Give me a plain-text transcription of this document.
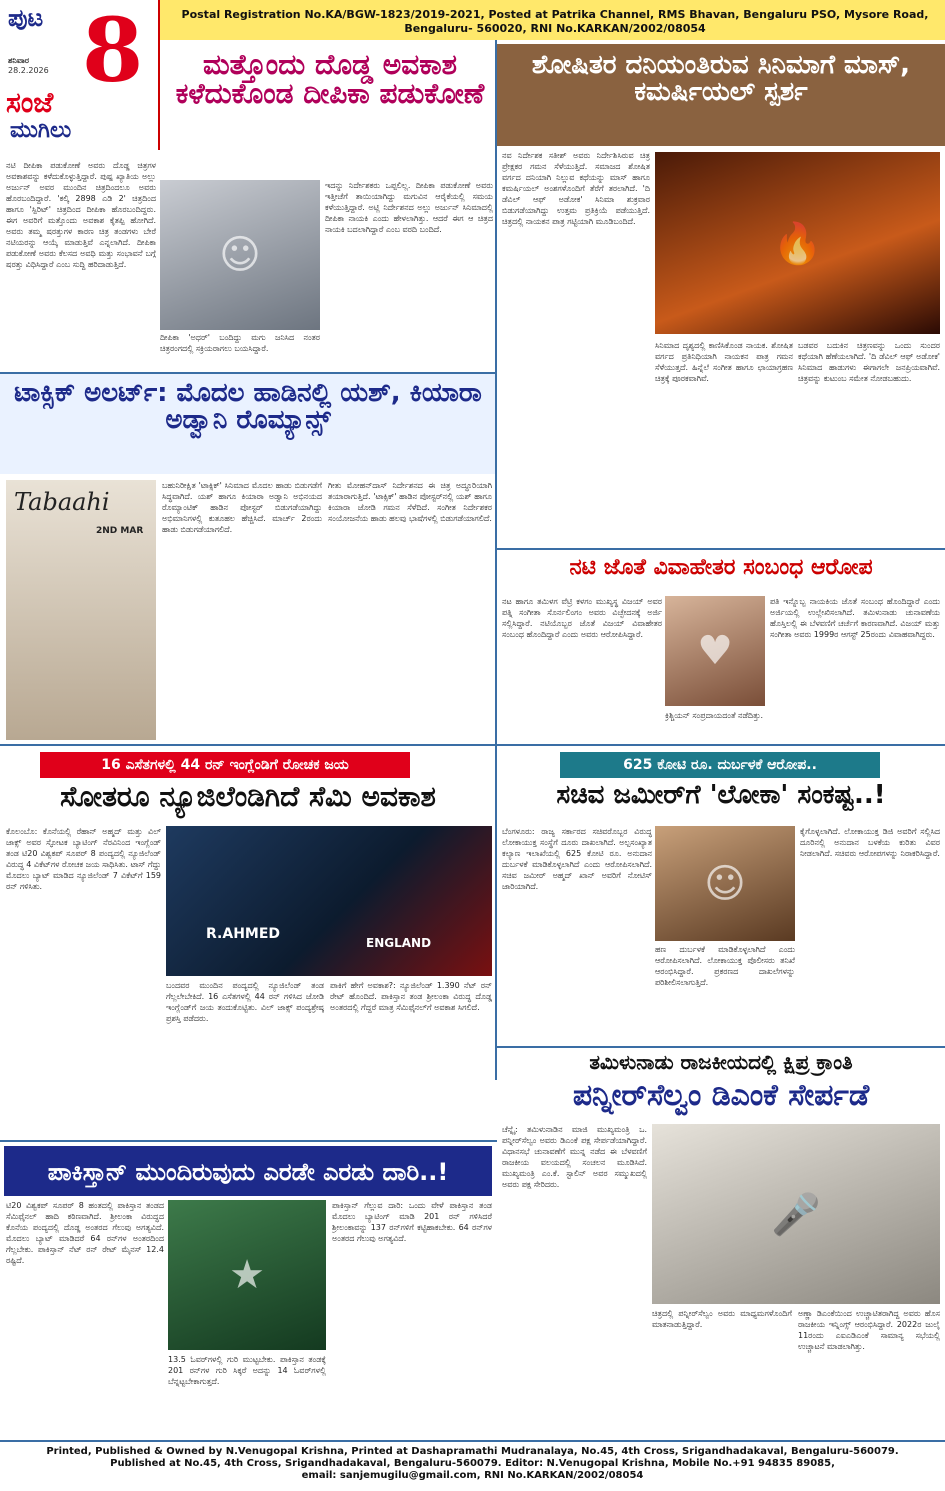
ಪುಟ 8
ಶನಿವಾರ
28.2.2026
ಸಂಜೆ
ಮುಗಿಲು
Postal Registration No.KA/BGW-1823/2019-2021, Posted at Patrika Channel, RMS Bhavan, Bengaluru PSO, Mysore Road, Bengaluru- 560020, RNI No.KARKAN/2002/08054
ಮತ್ತೊಂದು ದೊಡ್ಡ ಅವಕಾಶ ಕಳೆದುಕೊಂಡ ದೀಪಿಕಾ ಪಡುಕೋಣೆ
ನಟಿ ದೀಪಿಕಾ ಪಡುಕೋಣೆ ಅವರು ದೊಡ್ಡ ಚಿತ್ರಗಳ ಅವಕಾಶವನ್ನು ಕಳೆದುಕೊಳ್ಳುತ್ತಿದ್ದಾರೆ. ಪುಷ್ಪ ಖ್ಯಾತಿಯ ಅಲ್ಲು ಅರ್ಜುನ್ ಅವರ ಮುಂದಿನ ಚಿತ್ರದಿಂದಲೂ ಅವರು ಹೊರಬಂದಿದ್ದಾರೆ. 'ಕಲ್ಕಿ 2898 ಎಡಿ 2' ಚಿತ್ರದಿಂದ ಹಾಗೂ 'ಸ್ಪಿರಿಟ್' ಚಿತ್ರದಿಂದ ದೀಪಿಕಾ ಹೊರಬಂದಿದ್ದರು. ಈಗ ಅವರಿಗೆ ಮತ್ತೊಂದು ಅವಕಾಶ ಕೈತಪ್ಪಿ ಹೋಗಿದೆ. ಅವರು ತಮ್ಮ ಷರತ್ತುಗಳ ಕಾರಣ ಚಿತ್ರ ತಂಡಗಳು ಬೇರೆ ನಟಿಯರನ್ನು ಆಯ್ಕೆ ಮಾಡುತ್ತಿವೆ ಎನ್ನಲಾಗಿದೆ. ದೀಪಿಕಾ ಪಡುಕೋಣೆ ಅವರು ಕೆಲಸದ ಅವಧಿ ಮತ್ತು ಸಂಭಾವನೆ ಬಗ್ಗೆ ಷರತ್ತು ವಿಧಿಸಿದ್ದಾರೆ ಎಂಬ ಸುದ್ದಿ ಹರಿದಾಡುತ್ತಿದೆ.	☺
ದೀಪಿಕಾ 'ಅಧರ್' ಬಂದಿದ್ದು ಮಗು ಜನಿಸಿದ ನಂತರ ಚಿತ್ರರಂಗದಲ್ಲಿ ಸಕ್ರಿಯರಾಗಲು ಬಯಸಿದ್ದಾರೆ.
ಇದನ್ನು ನಿರ್ದೇಶಕರು ಒಪ್ಪಲಿಲ್ಲ. ದೀಪಿಕಾ ಪಡುಕೋಣೆ ಅವರು ಇತ್ತೀಚೆಗೆ ತಾಯಿಯಾಗಿದ್ದು ಮಗುವಿನ ಆರೈಕೆಯಲ್ಲಿ ಸಮಯ ಕಳೆಯುತ್ತಿದ್ದಾರೆ. ಅಟ್ಲಿ ನಿರ್ದೇಶನದ ಅಲ್ಲು ಅರ್ಜುನ್ ಸಿನಿಮಾದಲ್ಲಿ ದೀಪಿಕಾ ನಾಯಕಿ ಎಂದು ಹೇಳಲಾಗಿತ್ತು. ಆದರೆ ಈಗ ಆ ಚಿತ್ರದ ನಾಯಕಿ ಬದಲಾಗಿದ್ದಾರೆ ಎಂಬ ವರದಿ ಬಂದಿದೆ.
ಶೋಷಿತರ ದನಿಯಂತಿರುವ ಸಿನಿಮಾಗೆ ಮಾಸ್, ಕಮರ್ಷಿಯಲ್ ಸ್ಪರ್ಶ
ನವ ನಿರ್ದೇಶಕ ಸತೀಶ್ ಅವರು ನಿರ್ದೇಶಿಸಿರುವ ಚಿತ್ರ ಪ್ರೇಕ್ಷಕರ ಗಮನ ಸೆಳೆಯುತ್ತಿದೆ. ಸಮಾಜದ ಶೋಷಿತ ವರ್ಗದ ದನಿಯಾಗಿ ನಿಲ್ಲುವ ಕಥೆಯನ್ನು ಮಾಸ್ ಹಾಗೂ ಕಮರ್ಷಿಯಲ್ ಅಂಶಗಳೊಂದಿಗೆ ತೆರೆಗೆ ತರಲಾಗಿದೆ. 'ದಿ ಡೆವಿಲ್ ಆಫ್ ಅಡೋಕ' ಸಿನಿಮಾ ಶುಕ್ರವಾರ ಬಿಡುಗಡೆಯಾಗಿದ್ದು ಉತ್ತಮ ಪ್ರತಿಕ್ರಿಯೆ ಪಡೆಯುತ್ತಿದೆ. ಚಿತ್ರದಲ್ಲಿ ನಾಯಕನ ಪಾತ್ರ ಗಟ್ಟಿಯಾಗಿ ಮೂಡಿಬಂದಿದೆ.	🔥
ಸಿನಿಮಾದ ದೃಶ್ಯದಲ್ಲಿ ಕಾಣಿಸಿಕೊಂಡ ನಾಯಕ. ಶೋಷಿತ ವರ್ಗದ ಪ್ರತಿನಿಧಿಯಾಗಿ ನಾಯಕನ ಪಾತ್ರ ಗಮನ ಸೆಳೆಯುತ್ತದೆ. ಹಿನ್ನೆಲೆ ಸಂಗೀತ ಹಾಗೂ ಛಾಯಾಗ್ರಹಣ ಚಿತ್ರಕ್ಕೆ ಪೂರಕವಾಗಿವೆ.
ಬಡವರ ಬದುಕಿನ ಚಿತ್ರಣವನ್ನು ಒಂದು ಸುಂದರ ಕಥೆಯಾಗಿ ಹೆಣೆಯಲಾಗಿದೆ. 'ದಿ ಡೆವಿಲ್ ಆಫ್ ಅಡೋಕ' ಸಿನಿಮಾದ ಹಾಡುಗಳು ಈಗಾಗಲೇ ಜನಪ್ರಿಯವಾಗಿವೆ. ಚಿತ್ರವನ್ನು ಕುಟುಂಬ ಸಮೇತ ನೋಡಬಹುದು.
ಟಾಕ್ಸಿಕ್ ಅಲರ್ಟ್: ಮೊದಲ ಹಾಡಿನಲ್ಲಿ ಯಶ್, ಕಿಯಾರಾ ಅಡ್ವಾನಿ ರೊಮ್ಯಾನ್ಸ್
Tabaahi
2ND MAR
ಬಹುನಿರೀಕ್ಷಿತ 'ಟಾಕ್ಸಿಕ್' ಸಿನಿಮಾದ ಮೊದಲ ಹಾಡು ಬಿಡುಗಡೆಗೆ ಸಿದ್ಧವಾಗಿದೆ. ಯಶ್ ಹಾಗೂ ಕಿಯಾರಾ ಅಡ್ವಾನಿ ಅಭಿನಯದ ರೊಮ್ಯಾಂಟಿಕ್ ಹಾಡಿನ ಪೋಸ್ಟರ್ ಬಿಡುಗಡೆಯಾಗಿದ್ದು ಅಭಿಮಾನಿಗಳಲ್ಲಿ ಕುತೂಹಲ ಹೆಚ್ಚಿಸಿದೆ. ಮಾರ್ಚ್ 2ರಂದು ಹಾಡು ಬಿಡುಗಡೆಯಾಗಲಿದೆ.
ಗೀತು ಮೋಹನ್‌ದಾಸ್ ನಿರ್ದೇಶನದ ಈ ಚಿತ್ರ ಅದ್ಧೂರಿಯಾಗಿ ತಯಾರಾಗುತ್ತಿದೆ. 'ಟಾಕ್ಸಿಕ್' ಹಾಡಿನ ಪೋಸ್ಟರ್‌ನಲ್ಲಿ ಯಶ್ ಹಾಗೂ ಕಿಯಾರಾ ಜೋಡಿ ಗಮನ ಸೆಳೆದಿದೆ. ಸಂಗೀತ ನಿರ್ದೇಶಕರ ಸಂಯೋಜನೆಯ ಹಾಡು ಹಲವು ಭಾಷೆಗಳಲ್ಲಿ ಬಿಡುಗಡೆಯಾಗಲಿದೆ.
ನಟಿ ಜೊತೆ ವಿವಾಹೇತರ ಸಂಬಂಧ ಆರೋಪ
ನಟ ಹಾಗೂ ತಮಿಳಗ ವೆಟ್ರಿ ಕಳಗಂ ಮುಖ್ಯಸ್ಥ ವಿಜಯ್ ಅವರ ಪತ್ನಿ ಸಂಗೀತಾ ಸೊರ್ನಲಿಂಗಂ ಅವರು ವಿಚ್ಛೇದನಕ್ಕೆ ಅರ್ಜಿ ಸಲ್ಲಿಸಿದ್ದಾರೆ. ನಟಿಯೊಬ್ಬರ ಜೊತೆ ವಿಜಯ್ ವಿವಾಹೇತರ ಸಂಬಂಧ ಹೊಂದಿದ್ದಾರೆ ಎಂದು ಅವರು ಆರೋಪಿಸಿದ್ದಾರೆ.	♥
ಕ್ರಿಶ್ಚಿಯನ್ ಸಂಪ್ರದಾಯದಂತೆ ನಡೆದಿತ್ತು.
ಪತಿ ಇನ್ನೊಬ್ಬ ನಾಯಕಿಯ ಜೊತೆ ಸಂಬಂಧ ಹೊಂದಿದ್ದಾರೆ ಎಂದು ಅರ್ಜಿಯಲ್ಲಿ ಉಲ್ಲೇಖಿಸಲಾಗಿದೆ. ತಮಿಳುನಾಡು ಚುನಾವಣೆಯ ಹೊಸ್ತಿಲಲ್ಲಿ ಈ ಬೆಳವಣಿಗೆ ಚರ್ಚೆಗೆ ಕಾರಣವಾಗಿದೆ. ವಿಜಯ್ ಮತ್ತು ಸಂಗೀತಾ ಅವರು 1999ರ ಆಗಸ್ಟ್ 25ರಂದು ವಿವಾಹವಾಗಿದ್ದರು.
16 ಎಸೆತಗಳಲ್ಲಿ 44 ರನ್ ಇಂಗ್ಲೆಂಡಿಗೆ ರೋಚಕ ಜಯ
ಸೋತರೂ ನ್ಯೂಜಿಲೆಂಡಿಗಿದೆ ಸೆಮಿ ಅವಕಾಶ
ಕೊಲಂಬೊ: ಕೊನೆಯಲ್ಲಿ ರೆಹಾನ್ ಅಹ್ಮದ್ ಮತ್ತು ವಿಲ್ ಜಾಕ್ಸ್ ಅವರ ಸ್ಫೋಟಕ ಬ್ಯಾಟಿಂಗ್ ನೆರವಿನಿಂದ ಇಂಗ್ಲೆಂಡ್ ತಂಡ ಟಿ20 ವಿಶ್ವಕಪ್ ಸೂಪರ್ 8 ಪಂದ್ಯದಲ್ಲಿ ನ್ಯೂಜಿಲೆಂಡ್ ವಿರುದ್ಧ 4 ವಿಕೆಟ್‌ಗಳ ರೋಚಕ ಜಯ ಸಾಧಿಸಿತು. ಟಾಸ್ ಗೆದ್ದು ಮೊದಲು ಬ್ಯಾಟ್ ಮಾಡಿದ ನ್ಯೂಜಿಲೆಂಡ್ 7 ವಿಕೆಟ್‌ಗೆ 159 ರನ್ ಗಳಿಸಿತು.
R.AHMED
ENGLAND
ಬಂದವರ ಮುಂದಿನ ಪಂದ್ಯದಲ್ಲಿ ನ್ಯೂಜಿಲೆಂಡ್ ತಂಡ ಗೆಲ್ಲಲೇಬೇಕಿದೆ. 16 ಎಸೆತಗಳಲ್ಲಿ 44 ರನ್ ಗಳಿಸಿದ ಜೋಡಿ ಇಂಗ್ಲೆಂಡ್‌ಗೆ ಜಯ ತಂದುಕೊಟ್ಟಿತು. ವಿಲ್ ಜಾಕ್ಸ್ ಪಂದ್ಯಶ್ರೇಷ್ಠ ಪ್ರಶಸ್ತಿ ಪಡೆದರು.
ಪಾಕಿಗೆ ಹೇಗೆ ಅವಕಾಶ?: ನ್ಯೂಜಿಲೆಂಡ್ 1.390 ನೆಟ್ ರನ್ ರೇಟ್ ಹೊಂದಿದೆ. ಪಾಕಿಸ್ತಾನ ತಂಡ ಶ್ರೀಲಂಕಾ ವಿರುದ್ಧ ದೊಡ್ಡ ಅಂತರದಲ್ಲಿ ಗೆದ್ದರೆ ಮಾತ್ರ ಸೆಮಿಫೈನಲ್‌ಗೆ ಅವಕಾಶ ಸಿಗಲಿದೆ.
625 ಕೋಟಿ ರೂ. ದುರ್ಬಳಕೆ ಆರೋಪ..
ಸಚಿವ ಜಮೀರ್‌ಗೆ 'ಲೋಕಾ' ಸಂಕಷ್ಟ..!
ಬೆಂಗಳೂರು: ರಾಜ್ಯ ಸರ್ಕಾರದ ಸಚಿವರೊಬ್ಬರ ವಿರುದ್ಧ ಲೋಕಾಯುಕ್ತ ಸಂಸ್ಥೆಗೆ ದೂರು ದಾಖಲಾಗಿದೆ. ಅಲ್ಪಸಂಖ್ಯಾತ ಕಲ್ಯಾಣ ಇಲಾಖೆಯಲ್ಲಿ 625 ಕೋಟಿ ರೂ. ಅನುದಾನ ದುರ್ಬಳಕೆ ಮಾಡಿಕೊಳ್ಳಲಾಗಿದೆ ಎಂದು ಆರೋಪಿಸಲಾಗಿದೆ. ಸಚಿವ ಜಮೀರ್ ಅಹ್ಮದ್ ಖಾನ್ ಅವರಿಗೆ ನೋಟಿಸ್ ಜಾರಿಯಾಗಿದೆ.	☺
ಹಣ ದುರ್ಬಳಕೆ ಮಾಡಿಕೊಳ್ಳಲಾಗಿದೆ ಎಂದು ಆರೋಪಿಸಲಾಗಿದೆ. ಲೋಕಾಯುಕ್ತ ಪೊಲೀಸರು ತನಿಖೆ ಆರಂಭಿಸಿದ್ದಾರೆ. ಪ್ರಕರಣದ ದಾಖಲೆಗಳನ್ನು ಪರಿಶೀಲಿಸಲಾಗುತ್ತಿದೆ.
ಕೈಗೊಳ್ಳಲಾಗಿದೆ. ಲೋಕಾಯುಕ್ತ ಡಿಜಿ ಅವರಿಗೆ ಸಲ್ಲಿಸಿದ ದೂರಿನಲ್ಲಿ ಅನುದಾನ ಬಳಕೆಯ ಕುರಿತು ವಿವರ ನೀಡಲಾಗಿದೆ. ಸಚಿವರು ಆರೋಪಗಳನ್ನು ನಿರಾಕರಿಸಿದ್ದಾರೆ.
ತಮಿಳುನಾಡು ರಾಜಕೀಯದಲ್ಲಿ ಕ್ಷಿಪ್ರ ಕ್ರಾಂತಿ
ಪನ್ನೀರ್‌ಸೆಲ್ವಂ ಡಿಎಂಕೆ ಸೇರ್ಪಡೆ
ಚೆನ್ನೈ: ತಮಿಳುನಾಡಿನ ಮಾಜಿ ಮುಖ್ಯಮಂತ್ರಿ ಒ. ಪನ್ನೀರ್‌ಸೆಲ್ವಂ ಅವರು ಡಿಎಂಕೆ ಪಕ್ಷ ಸೇರ್ಪಡೆಯಾಗಿದ್ದಾರೆ. ವಿಧಾನಸಭೆ ಚುನಾವಣೆಗೆ ಮುನ್ನ ನಡೆದ ಈ ಬೆಳವಣಿಗೆ ರಾಜಕೀಯ ವಲಯದಲ್ಲಿ ಸಂಚಲನ ಮೂಡಿಸಿದೆ. ಮುಖ್ಯಮಂತ್ರಿ ಎಂ.ಕೆ. ಸ್ಟಾಲಿನ್ ಅವರ ಸಮ್ಮುಖದಲ್ಲಿ ಅವರು ಪಕ್ಷ ಸೇರಿದರು.
🎤
ಚಿತ್ರದಲ್ಲಿ ಪನ್ನೀರ್‌ಸೆಲ್ವಂ ಅವರು ಮಾಧ್ಯಮಗಳೊಂದಿಗೆ ಮಾತನಾಡುತ್ತಿದ್ದಾರೆ.
ಅಣ್ಣಾ ಡಿಎಂಕೆಯಿಂದ ಉಚ್ಚಾಟಿತರಾಗಿದ್ದ ಅವರು ಹೊಸ ರಾಜಕೀಯ ಇನ್ನಿಂಗ್ಸ್ ಆರಂಭಿಸಿದ್ದಾರೆ. 2022ರ ಜುಲೈ 11ರಂದು ಎಐಎಡಿಎಂಕೆ ಸಾಮಾನ್ಯ ಸಭೆಯಲ್ಲಿ ಉಚ್ಚಾಟನೆ ಮಾಡಲಾಗಿತ್ತು.
ಪಾಕಿಸ್ತಾನ್ ಮುಂದಿರುವುದು ಎರಡೇ ಎರಡು ದಾರಿ..!
ಟಿ20 ವಿಶ್ವಕಪ್ ಸೂಪರ್ 8 ಹಂತದಲ್ಲಿ ಪಾಕಿಸ್ತಾನ ತಂಡದ ಸೆಮಿಫೈನಲ್ ಹಾದಿ ಕಠಿಣವಾಗಿದೆ. ಶ್ರೀಲಂಕಾ ವಿರುದ್ಧದ ಕೊನೆಯ ಪಂದ್ಯದಲ್ಲಿ ದೊಡ್ಡ ಅಂತರದ ಗೆಲುವು ಅಗತ್ಯವಿದೆ. ಮೊದಲು ಬ್ಯಾಟ್ ಮಾಡಿದರೆ 64 ರನ್‌ಗಳ ಅಂತರದಿಂದ ಗೆಲ್ಲಬೇಕು. ಪಾಕಿಸ್ತಾನ್ ನೆಟ್ ರನ್ ರೇಟ್ ಮೈನಸ್ 12.4 ರಷ್ಟಿದೆ.	★
13.5 ಓವರ್‌ಗಳಲ್ಲಿ ಗುರಿ ಮುಟ್ಟಬೇಕು. ಪಾಕಿಸ್ತಾನ ತಂಡಕ್ಕೆ 201 ರನ್‌ಗಳ ಗುರಿ ಸಿಕ್ಕರೆ ಅದನ್ನು 14 ಓವರ್‌ಗಳಲ್ಲಿ ಬೆನ್ನಟ್ಟಬೇಕಾಗುತ್ತದೆ.
ಪಾಕಿಸ್ತಾನ್ ಗೆಲ್ಲುವ ದಾರಿ: ಒಂದು ವೇಳೆ ಪಾಕಿಸ್ತಾನ ತಂಡ ಮೊದಲು ಬ್ಯಾಟಿಂಗ್ ಮಾಡಿ 201 ರನ್ ಗಳಿಸಿದರೆ ಶ್ರೀಲಂಕಾವನ್ನು 137 ರನ್‌ಗಳಿಗೆ ಕಟ್ಟಿಹಾಕಬೇಕು. 64 ರನ್‌ಗಳ ಅಂತರದ ಗೆಲುವು ಅಗತ್ಯವಿದೆ.
Printed, Published & Owned by N.Venugopal Krishna, Printed at Dashapramathi Mudranalaya, No.45, 4th Cross, Srigandhadakaval, Bengaluru-560079.
Published at No.45, 4th Cross, Srigandhadakaval, Bengaluru-560079. Editor: N.Venugopal Krishna, Mobile No.+91 94835 89085,
email: sanjemugilu@gmail.com, RNI No.KARKAN/2002/08054
